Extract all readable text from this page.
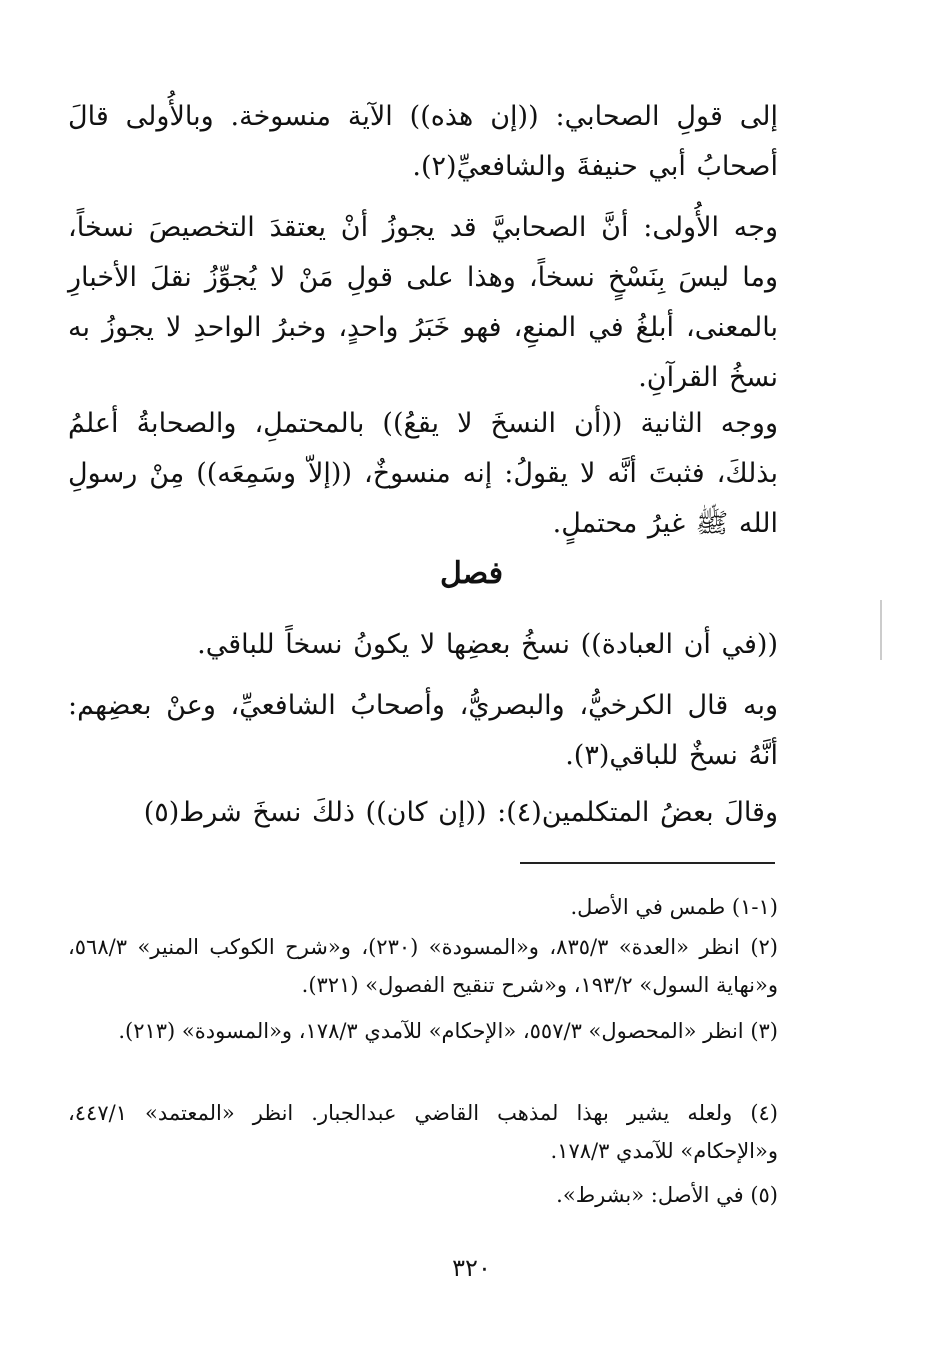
إلى قولِ الصحابي: ((إن هذه)) الآية منسوخة. وبالأُولى قالَ أصحابُ أبي حنيفةَ والشافعيِّ(٢).
وجه الأُولى: أنَّ الصحابيَّ قد يجوزُ أنْ يعتقدَ التخصيصَ نسخاً، وما ليسَ بِنَسْخٍ نسخاً، وهذا على قولِ مَنْ لا يُجوِّزُ نقلَ الأخبارِ بالمعنى، أبلغُ في المنعِ، فهو خَبَرُ واحدٍ، وخبرُ الواحدِ لا يجوزُ به نسخُ القرآنِ.
ووجه الثانية ((أن النسخَ لا يقعُ)) بالمحتملِ، والصحابةُ أعلمُ بذلكَ، فثبتَ أنَّه لا يقولُ: إنه منسوخٌ، ((إلاّ وسَمِعَه)) مِنْ رسولِ الله ﷺ غيرُ محتملٍ.
فصل
((في أن العبادة)) نسخُ بعضِها لا يكونُ نسخاً للباقي.
وبه قال الكرخيُّ، والبصريُّ، وأصحابُ الشافعيِّ، وعنْ بعضِهم: أنَّهُ نسخٌ للباقي(٣).
وقالَ بعضُ المتكلمين(٤): ((إن كان)) ذلكَ نسخَ شرط(٥)
(١-١) طمس في الأصل.
(٢) انظر «العدة» ٨٣٥/٣، و«المسودة» (٢٣٠)، و«شرح الكوكب المنير» ٥٦٨/٣، و«نهاية السول» ١٩٣/٢، و«شرح تنقيح الفصول» (٣٢١).
(٣) انظر «المحصول» ٥٥٧/٣، «الإحكام» للآمدي ١٧٨/٣، و«المسودة» (٢١٣).
(٤) ولعله يشير بهذا لمذهب القاضي عبدالجبار. انظر «المعتمد» ٤٤٧/١، و«الإحكام» للآمدي ١٧٨/٣.
(٥) في الأصل: «بشرط».
٣٢٠
